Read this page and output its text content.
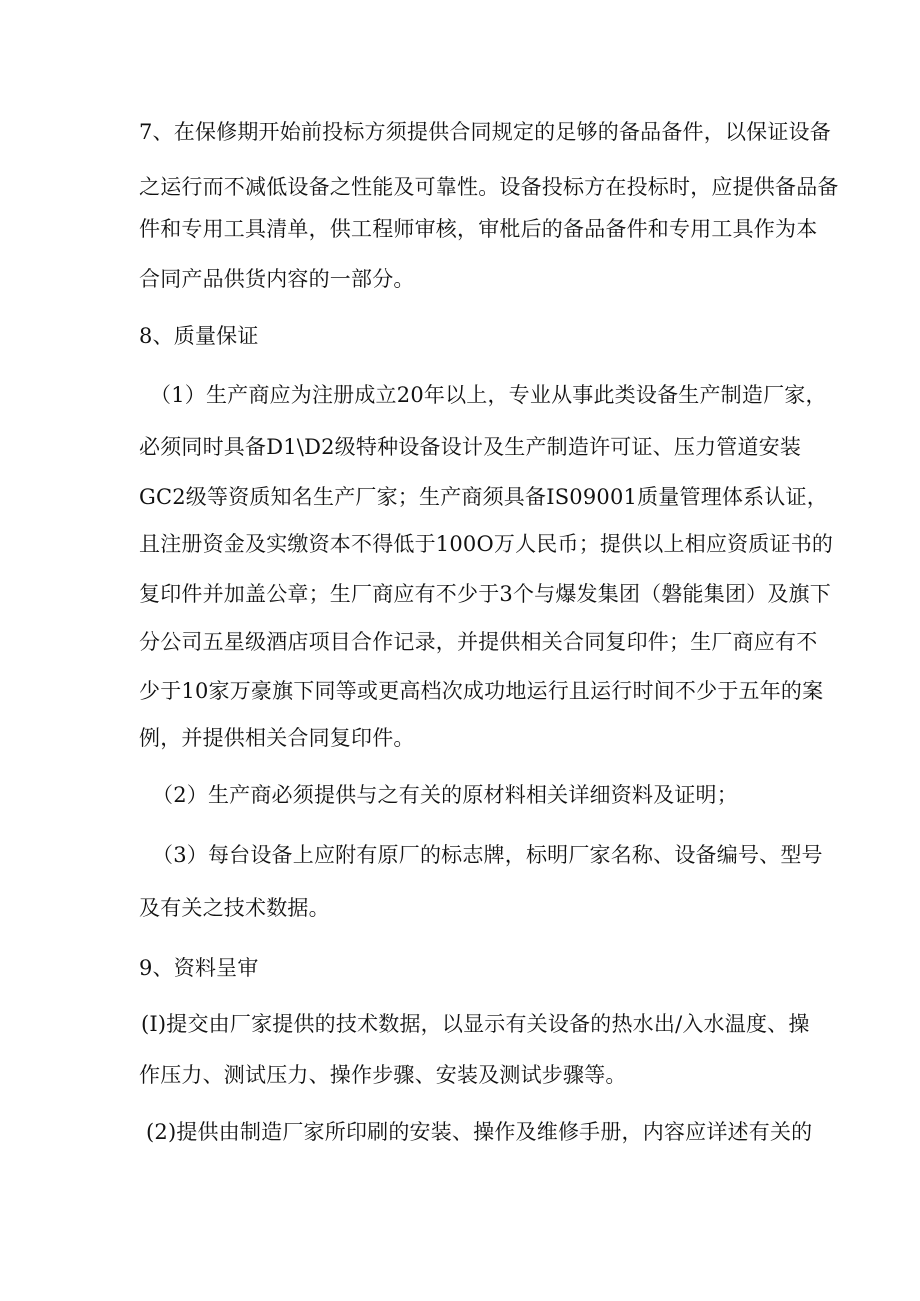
7、在保修期开始前投标方须提供合同规定的足够的备品备件，以保证设备
之运行而不减低设备之性能及可靠性。设备投标方在投标时，应提供备品备
件和专用工具清单，供工程师审核，审枇后的备品备件和专用工具作为本
合同产品供货内容的一部分。
8、质量保证
（1）生产商应为注册成立20年以上，专业从事此类设备生产制造厂家，
必须同时具备D1\D2级特种设备设计及生产制造许可证、压力管道安装
GC2级等资质知名生产厂家；生产商须具备IS09001质量管理体系认证，
且注册资金及实缴资本不得低于100O万人民币；提供以上相应资质证书的
复印件并加盖公章；生厂商应有不少于3个与爆发集团（磐能集团）及旗下
分公司五星级酒店项目合作记录，并提供相关合同复印件；生厂商应有不
少于10家万豪旗下同等或更高档次成功地运行且运行时间不少于五年的案
例，并提供相关合同复印件。
（2）生产商必须提供与之有关的原材料相关详细资料及证明；
（3）每台设备上应附有原厂的标志牌，标明厂家名称、设备编号、型号
及有关之技术数据。
9、资料呈审
(I)提交由厂家提供的技术数据，以显示有关设备的热水出/入水温度、操
作压力、测试压力、操作步骤、安装及测试步骤等。
(2)提供由制造厂家所印刷的安装、操作及维修手册，内容应详述有关的
